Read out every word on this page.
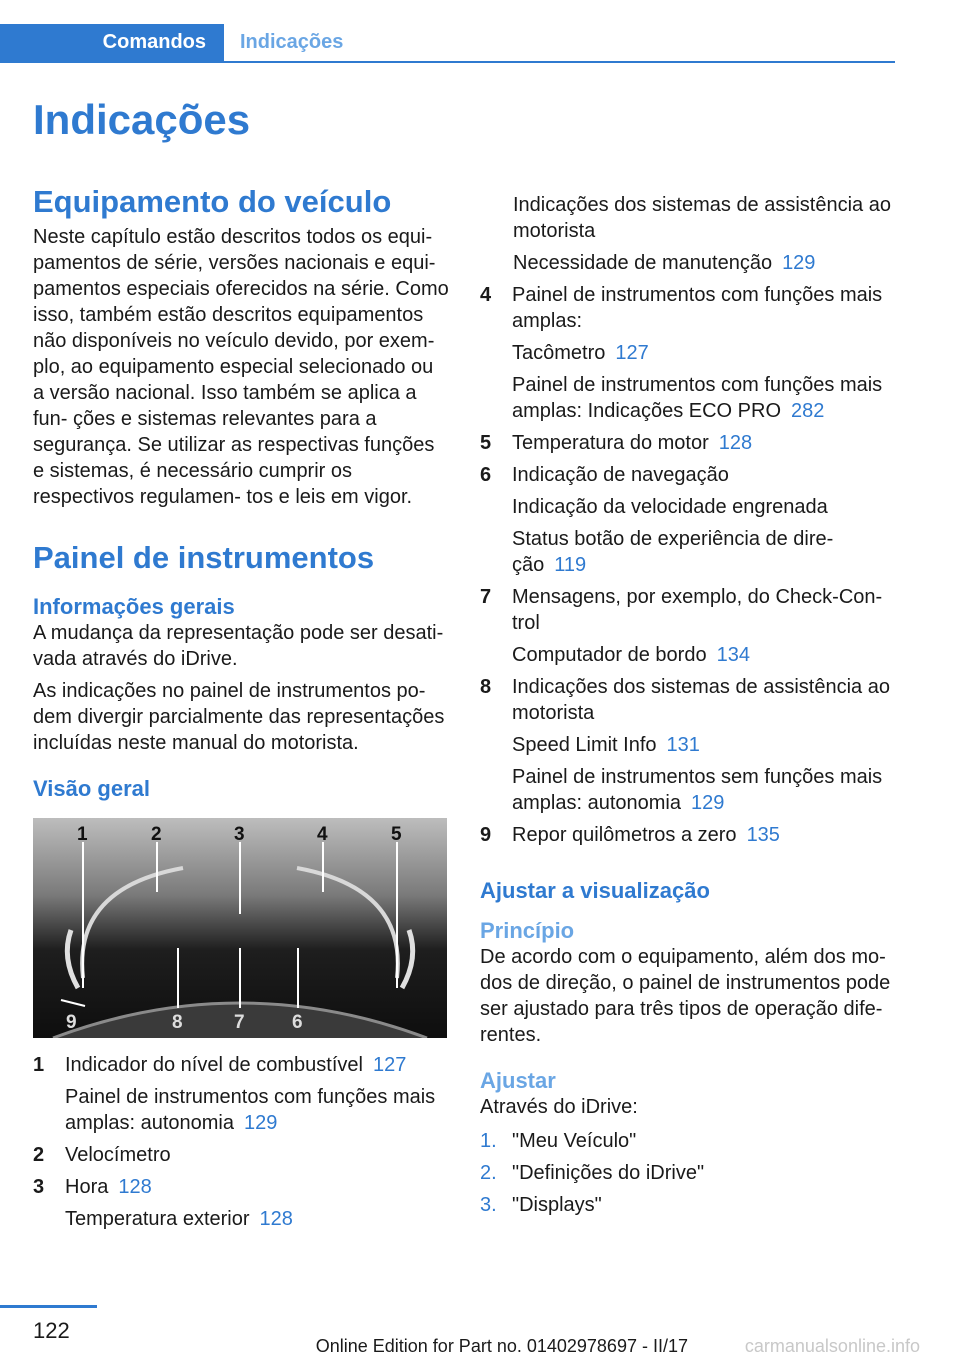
Comandos	Indicações
Indicações
Equipamento do veículo

Neste capítulo estão descritos todos os equi‐ pamentos de série, versões nacionais e equi‐ pamentos especiais oferecidos na série. Como isso, também estão descritos equipamentos não disponíveis no veículo devido, por exem‐ plo, ao equipamento especial selecionado ou a versão nacional. Isso também se aplica a fun‐ ções e sistemas relevantes para a segurança. Se utilizar as respectivas funções e sistemas, é necessário cumprir os respectivos regulamen‐ tos e leis em vigor.

Painel de instrumentos
Informações gerais

A mudança da representação pode ser desati‐ vada através do iDrive.

As indicações no painel de instrumentos po‐ dem divergir parcialmente das representações incluídas neste manual do motorista.

Visão geral
1	2	3	4	5
9	8	7 6
1	Indicador do nível de combustível 127
Painel de instrumentos com funções mais amplas: autonomia 129
2	Velocímetro
3	Hora 128
Temperatura exterior 128
Indicações dos sistemas de assistência ao motorista
Necessidade de manutenção 129
4	Painel de instrumentos com funções mais amplas:
Tacômetro 127
Painel de instrumentos com funções mais amplas: Indicações ECO PRO 282
5	Temperatura do motor 128
6	Indicação de navegação
Indicação da velocidade engrenada
Status botão de experiência de dire‐ ção 119
7	Mensagens, por exemplo, do Check-Con‐ trol
Computador de bordo 134
8	Indicações dos sistemas de assistência ao motorista
Speed Limit Info 131
Painel de instrumentos sem funções mais amplas: autonomia 129
9	Repor quilômetros a zero 135
Ajustar a visualização
Princípio

De acordo com o equipamento, além dos mo‐ dos de direção, o painel de instrumentos pode ser ajustado para três tipos de operação dife‐ rentes.

Ajustar

Através do iDrive:

1. "Meu Veículo"
2. "Definições do iDrive"
3. "Displays"
122
Online Edition for Part no. 01402978697 - II/17	carmanualsonline.info
